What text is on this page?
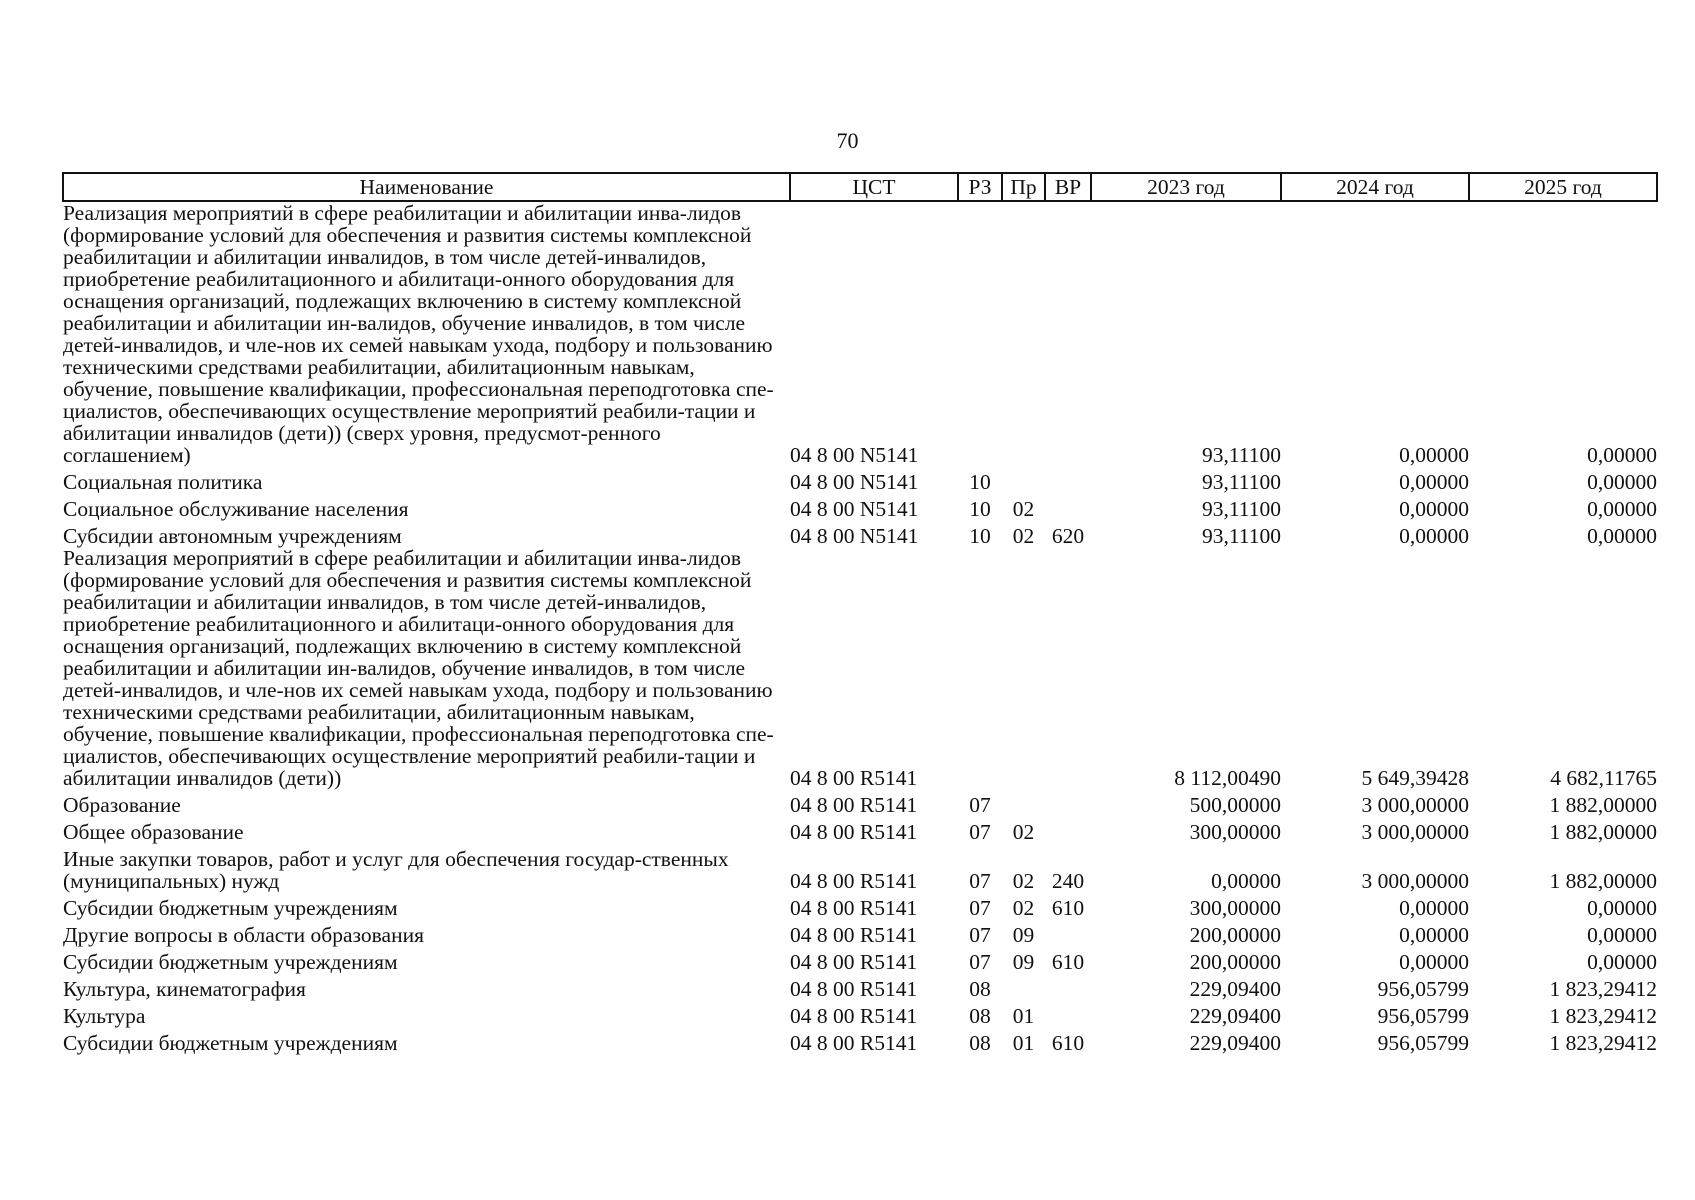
70
Наименование	ЦСТ	РЗ	Пр	ВР	2023 год	2024 год	2025 год
Реализация мероприятий в сфере реабилитации и абилитации инва-лидов (формирование условий для обеспечения и развития системы комплексной реабилитации и абилитации инвалидов, в том числе детей-инвалидов, приобретение реабилитационного и абилитаци-онного оборудования для оснащения организаций, подлежащих включению в систему комплексной реабилитации и абилитации ин-валидов, обучение инвалидов, в том числе детей-инвалидов, и чле-нов их семей навыкам ухода, подбору и пользованию техническими средствами реабилитации, абилитационным навыкам, обучение, повышение квалификации, профессиональная переподготовка спе-циалистов, обеспечивающих осуществление мероприятий реабили-тации и абилитации инвалидов (дети)) (сверх уровня, предусмот-ренного соглашением)	04 8 00 N5141				93,11100	0,00000	0,00000
Социальная политика	04 8 00 N5141	10			93,11100	0,00000	0,00000
Социальное обслуживание населения	04 8 00 N5141	10	02		93,11100	0,00000	0,00000
Субсидии автономным учреждениям	04 8 00 N5141	10	02	620	93,11100	0,00000	0,00000
Реализация мероприятий в сфере реабилитации и абилитации инва-лидов (формирование условий для обеспечения и развития системы комплексной реабилитации и абилитации инвалидов, в том числе детей-инвалидов, приобретение реабилитационного и абилитаци-онного оборудования для оснащения организаций, подлежащих включению в систему комплексной реабилитации и абилитации ин-валидов, обучение инвалидов, в том числе детей-инвалидов, и чле-нов их семей навыкам ухода, подбору и пользованию техническими средствами реабилитации, абилитационным навыкам, обучение, повышение квалификации, профессиональная переподготовка спе-циалистов, обеспечивающих осуществление мероприятий реабили-тации и абилитации инвалидов (дети))	04 8 00 R5141				8 112,00490	5 649,39428	4 682,11765
Образование	04 8 00 R5141	07			500,00000	3 000,00000	1 882,00000
Общее образование	04 8 00 R5141	07	02		300,00000	3 000,00000	1 882,00000
Иные закупки товаров, работ и услуг для обеспечения государ-ственных (муниципальных) нужд	04 8 00 R5141	07	02	240	0,00000	3 000,00000	1 882,00000
Субсидии бюджетным учреждениям	04 8 00 R5141	07	02	610	300,00000	0,00000	0,00000
Другие вопросы в области образования	04 8 00 R5141	07	09		200,00000	0,00000	0,00000
Субсидии бюджетным учреждениям	04 8 00 R5141	07	09	610	200,00000	0,00000	0,00000
Культура, кинематография	04 8 00 R5141	08			229,09400	956,05799	1 823,29412
Культура	04 8 00 R5141	08	01		229,09400	956,05799	1 823,29412
Субсидии бюджетным учреждениям	04 8 00 R5141	08	01	610	229,09400	956,05799	1 823,29412
